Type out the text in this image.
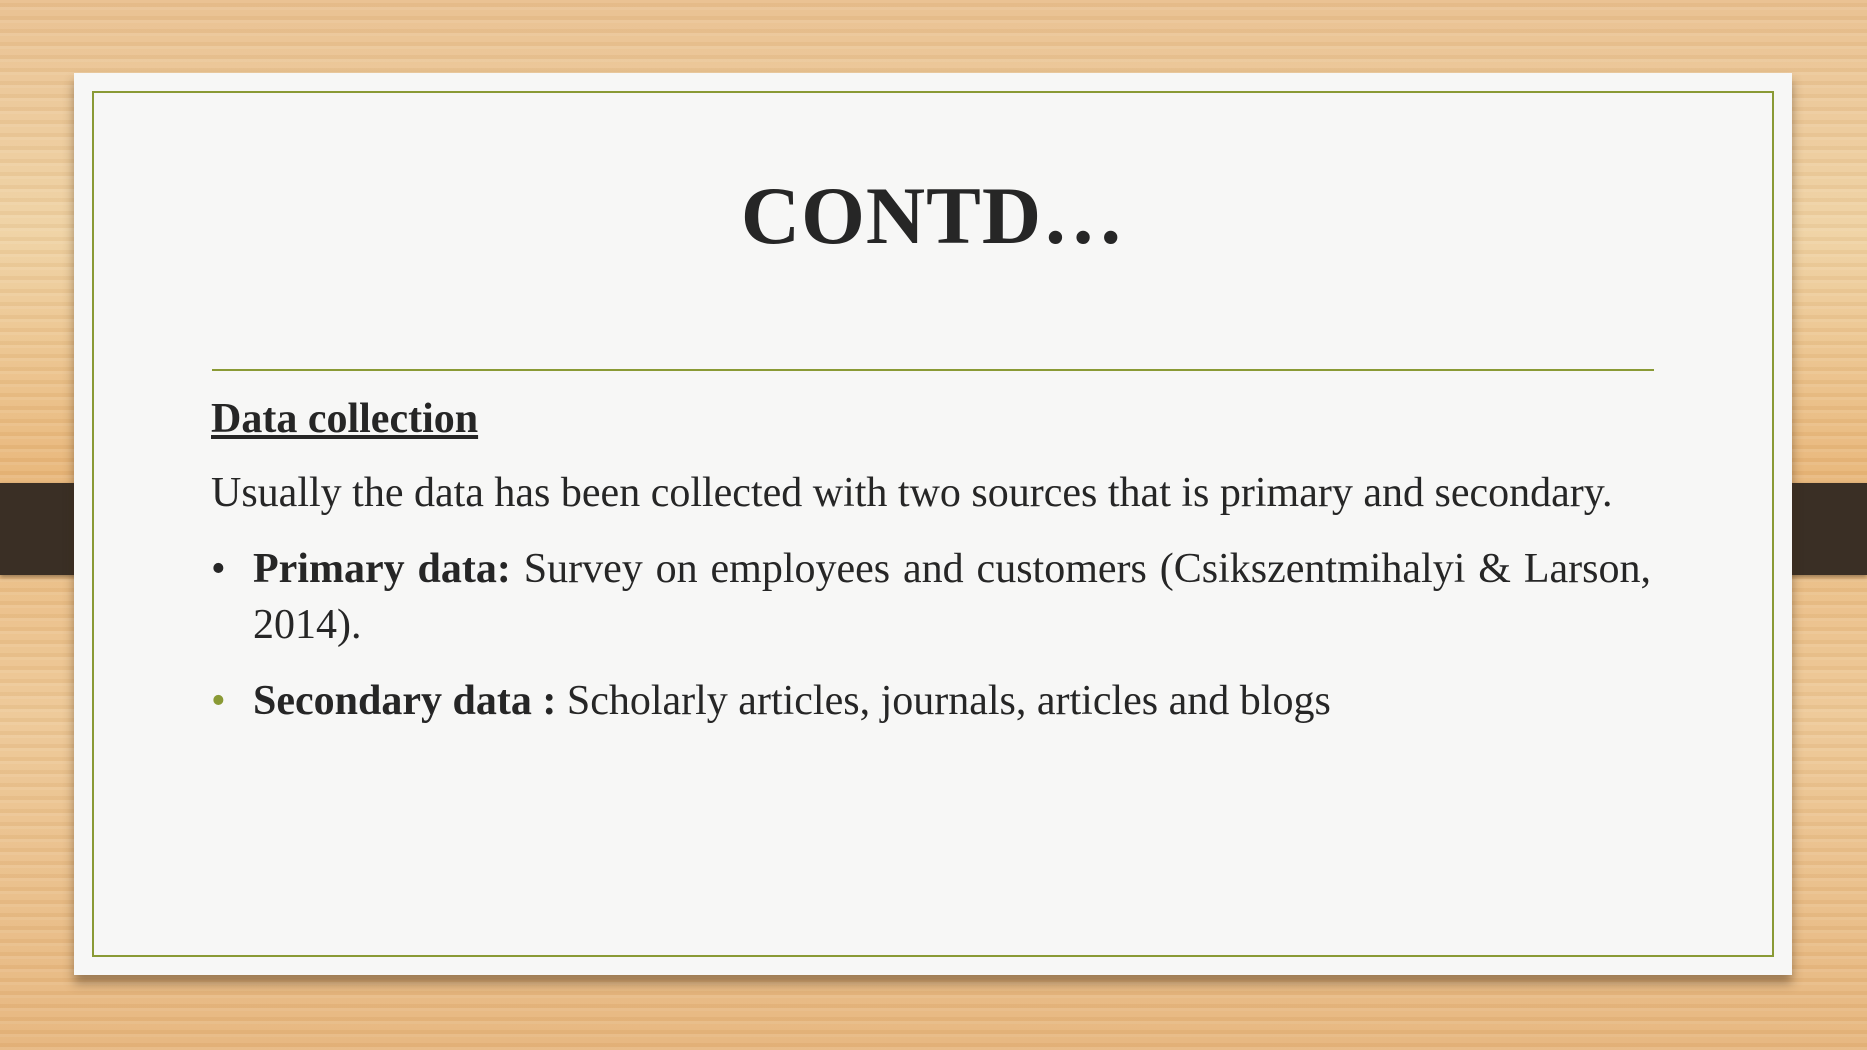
CONTD…
Data collection
Usually the data has been collected with two sources that is primary and secondary.
• Primary data: Survey on employees and customers (Csikszentmihalyi & Larson, 2014).
• Secondary data : Scholarly articles, journals, articles and blogs
